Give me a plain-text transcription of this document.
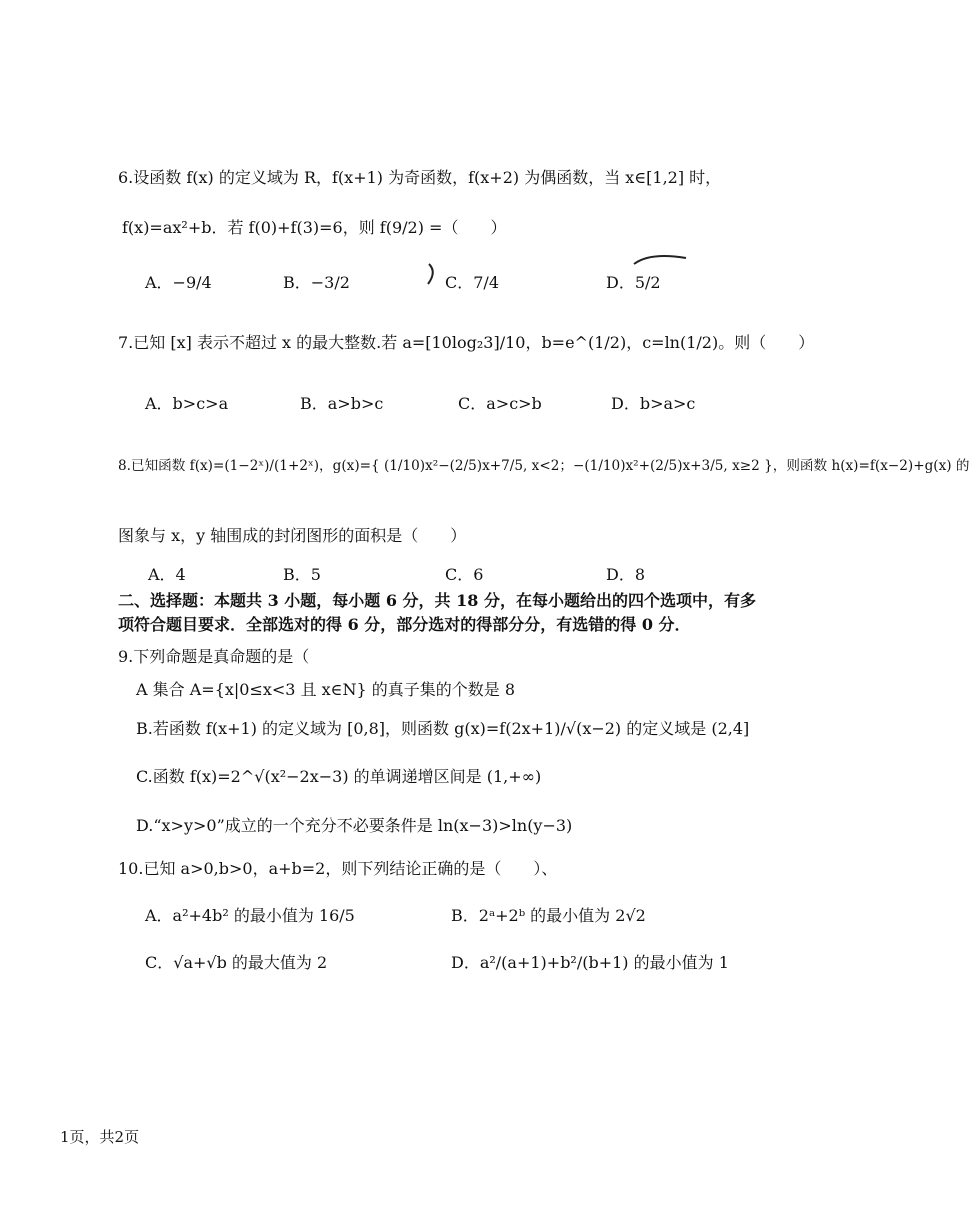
6.设函数 f(x) 的定义域为 R，f(x+1) 为奇函数，f(x+2) 为偶函数，当 x∈[1,2] 时，
f(x)=ax²+b．若 f(0)+f(3)=6，则 f(9/2) =（　　）
A．−9/4	B．−3/2	C．7/4	D．5/2
7.已知 [x] 表示不超过 x 的最大整数.若 a=[10log₂3]/10，b=e^(1/2)，c=ln(1/2)。则（　　）
A．b>c>a	B．a>b>c	C．a>c>b	D．b>a>c
8.已知函数 f(x)=(1−2ˣ)/(1+2ˣ)，g(x)={ (1/10)x²−(2/5)x+7/5, x<2；−(1/10)x²+(2/5)x+3/5, x≥2 }，则函数 h(x)=f(x−2)+g(x) 的
图象与 x，y 轴围成的封闭图形的面积是（　　）
A．4	B．5	C．6	D．8
二、选择题：本题共 3 小题，每小题 6 分，共 18 分，在每小题给出的四个选项中，有多
项符合题目要求．全部选对的得 6 分，部分选对的得部分分，有选错的得 0 分．
9.下列命题是真命题的是（
A 集合 A={x|0≤x<3 且 x∈N} 的真子集的个数是 8
B.若函数 f(x+1) 的定义域为 [0,8]，则函数 g(x)=f(2x+1)/√(x−2) 的定义域是 (2,4]
C.函数 f(x)=2^√(x²−2x−3) 的单调递增区间是 (1,+∞)
D.“x>y>0”成立的一个充分不必要条件是 ln(x−3)>ln(y−3)
10.已知 a>0,b>0，a+b=2，则下列结论正确的是（　　）、
A．a²+4b² 的最小值为 16/5	B．2ᵃ+2ᵇ 的最小值为 2√2
C．√a+√b 的最大值为 2	D．a²/(a+1)+b²/(b+1) 的最小值为 1
1页，共2页
